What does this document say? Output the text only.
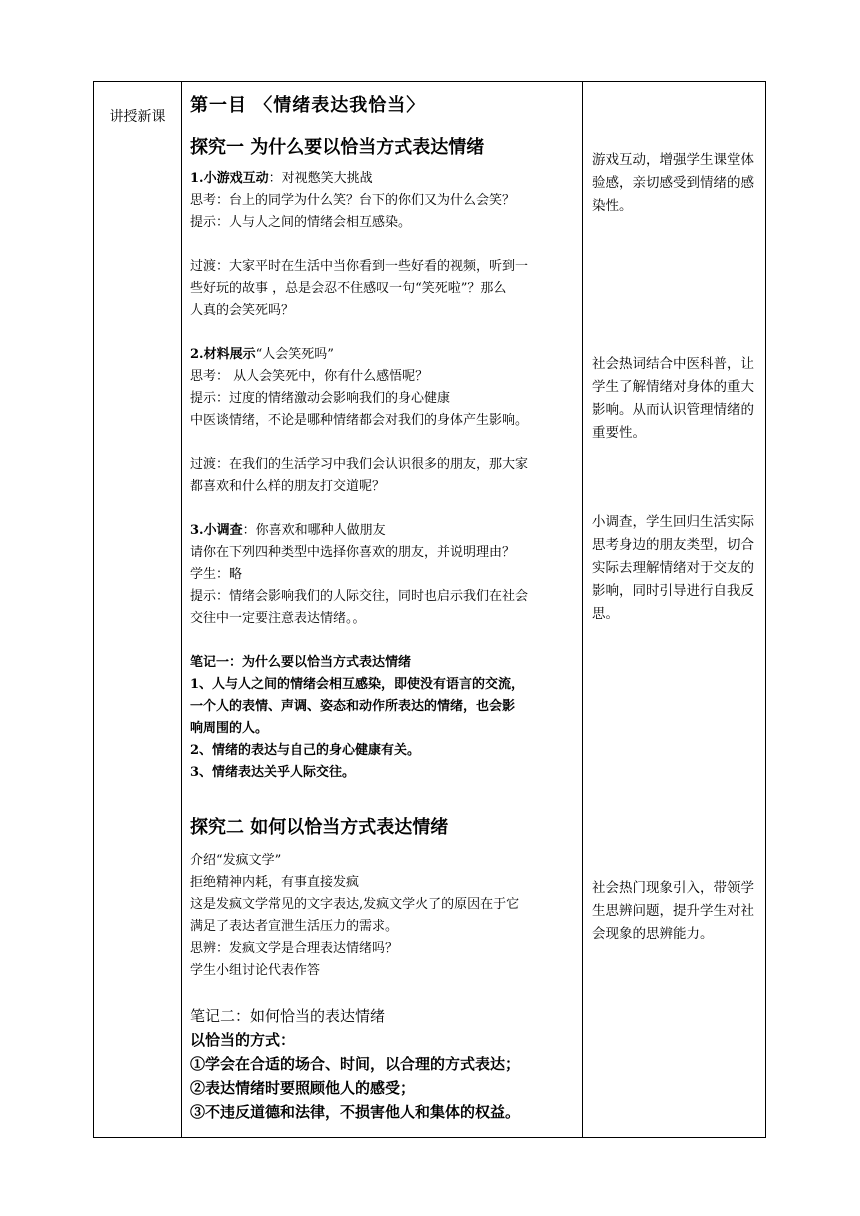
讲授新课

第一目 〈情绪表达我恰当〉

探究一 为什么要以恰当方式表达情绪

1.小游戏互动：对视憋笑大挑战

思考：台上的同学为什么笑？台下的你们又为什么会笑？

提示：人与人之间的情绪会相互感染。

过渡：大家平时在生活中当你看到一些好看的视频，听到一

些好玩的故事 ，总是会忍不住感叹一句“笑死啦”？那么

人真的会笑死吗？

2.材料展示“人会笑死吗”

思考： 从人会笑死中，你有什么感悟呢？

提示：过度的情绪激动会影响我们的身心健康

中医谈情绪，不论是哪种情绪都会对我们的身体产生影响。

过渡：在我们的生活学习中我们会认识很多的朋友，那大家

都喜欢和什么样的朋友打交道呢？

3.小调查：你喜欢和哪种人做朋友

请你在下列四种类型中选择你喜欢的朋友，并说明理由？

学生：略

提示：情绪会影响我们的人际交往，同时也启示我们在社会

交往中一定要注意表达情绪。。

笔记一：为什么要以恰当方式表达情绪

1、人与人之间的情绪会相互感染，即使没有语言的交流，

一个人的表情、声调、姿态和动作所表达的情绪，也会影

响周围的人。

2、情绪的表达与自己的身心健康有关。

3、情绪表达关乎人际交往。

探究二 如何以恰当方式表达情绪

介绍“发疯文学”

拒绝精神内耗，有事直接发疯

这是发疯文学常见的文字表达,发疯文学火了的原因在于它

满足了表达者宣泄生活压力的需求。

思辨：发疯文学是合理表达情绪吗？

学生小组讨论代表作答

笔记二：如何恰当的表达情绪

以恰当的方式：

①学会在合适的场合、时间，以合理的方式表达；

②表达情绪时要照顾他人的感受；

③不违反道德和法律，不损害他人和集体的权益。

游戏互动，增强学生课堂体验感，亲切感受到情绪的感染性。
社会热词结合中医科普，让学生了解情绪对身体的重大影响。从而认识管理情绪的重要性。
小调查，学生回归生活实际思考身边的朋友类型，切合实际去理解情绪对于交友的影响，同时引导进行自我反思。
社会热门现象引入，带领学生思辨问题，提升学生对社会现象的思辨能力。
